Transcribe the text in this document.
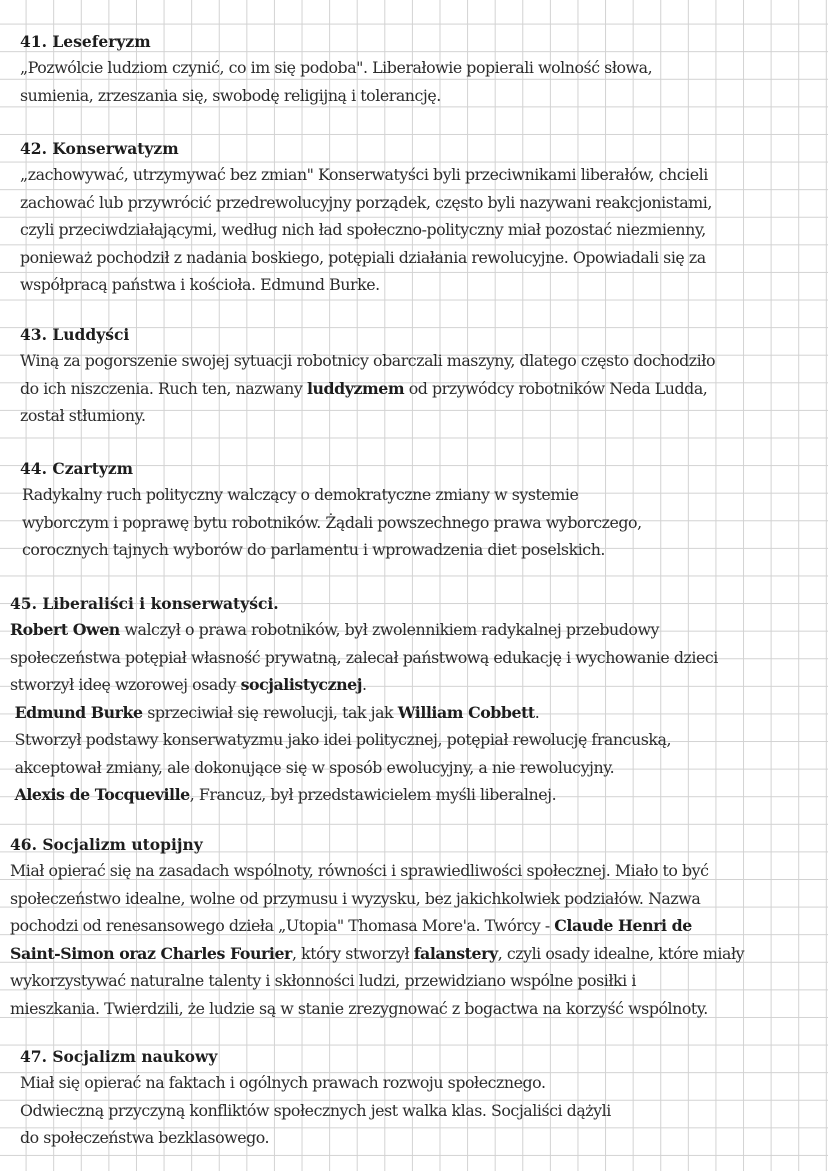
41. Leseferyzm
„Pozwólcie ludziom czynić, co im się podoba". Liberałowie popierali wolność słowa,
sumienia, zrzeszania się, swobodę religijną i tolerancję.
42. Konserwatyzm
„zachowywać, utrzymywać bez zmian" Konserwatyści byli przeciwnikami liberałów, chcieli
zachować lub przywrócić przedrewolucyjny porządek, często byli nazywani reakcjonistami,
czyli przeciwdziałającymi, według nich ład społeczno-polityczny miał pozostać niezmienny,
ponieważ pochodził z nadania boskiego, potępiali działania rewolucyjne. Opowiadali się za
współpracą państwa i kościoła. Edmund Burke.
43. Luddyści
Winą za pogorszenie swojej sytuacji robotnicy obarczali maszyny, dlatego często dochodziło
do ich niszczenia. Ruch ten, nazwany luddyzmem od przywódcy robotników Neda Ludda,
został stłumiony.
44. Czartyzm
Radykalny ruch polityczny walczący o demokratyczne zmiany w systemie
wyborczym i poprawę bytu robotników. Żądali powszechnego prawa wyborczego,
corocznych tajnych wyborów do parlamentu i wprowadzenia diet poselskich.
45. Liberaliści i konserwatyści.
Robert Owen walczył o prawa robotników, był zwolennikiem radykalnej przebudowy
społeczeństwa potępiał własność prywatną, zalecał państwową edukację i wychowanie dzieci
stworzył ideę wzorowej osady socjalistycznej.
Edmund Burke sprzeciwiał się rewolucji, tak jak William Cobbett.
Stworzył podstawy konserwatyzmu jako idei politycznej, potępiał rewolucję francuską,
akceptował zmiany, ale dokonujące się w sposób ewolucyjny, a nie rewolucyjny.
Alexis de Tocqueville, Francuz, był przedstawicielem myśli liberalnej.
46. Socjalizm utopijny
Miał opierać się na zasadach wspólnoty, równości i sprawiedliwości społecznej. Miało to być
społeczeństwo idealne, wolne od przymusu i wyzysku, bez jakichkolwiek podziałów. Nazwa
pochodzi od renesansowego dzieła „Utopia" Thomasa More'a. Twórcy - Claude Henri de
Saint-Simon oraz Charles Fourier, który stworzył falanstery, czyli osady idealne, które miały
wykorzystywać naturalne talenty i skłonności ludzi, przewidziano wspólne posiłki i
mieszkania. Twierdzili, że ludzie są w stanie zrezygnować z bogactwa na korzyść wspólnoty.
47. Socjalizm naukowy
Miał się opierać na faktach i ogólnych prawach rozwoju społecznego.
Odwieczną przyczyną konfliktów społecznych jest walka klas. Socjaliści dążyli
do społeczeństwa bezklasowego.
